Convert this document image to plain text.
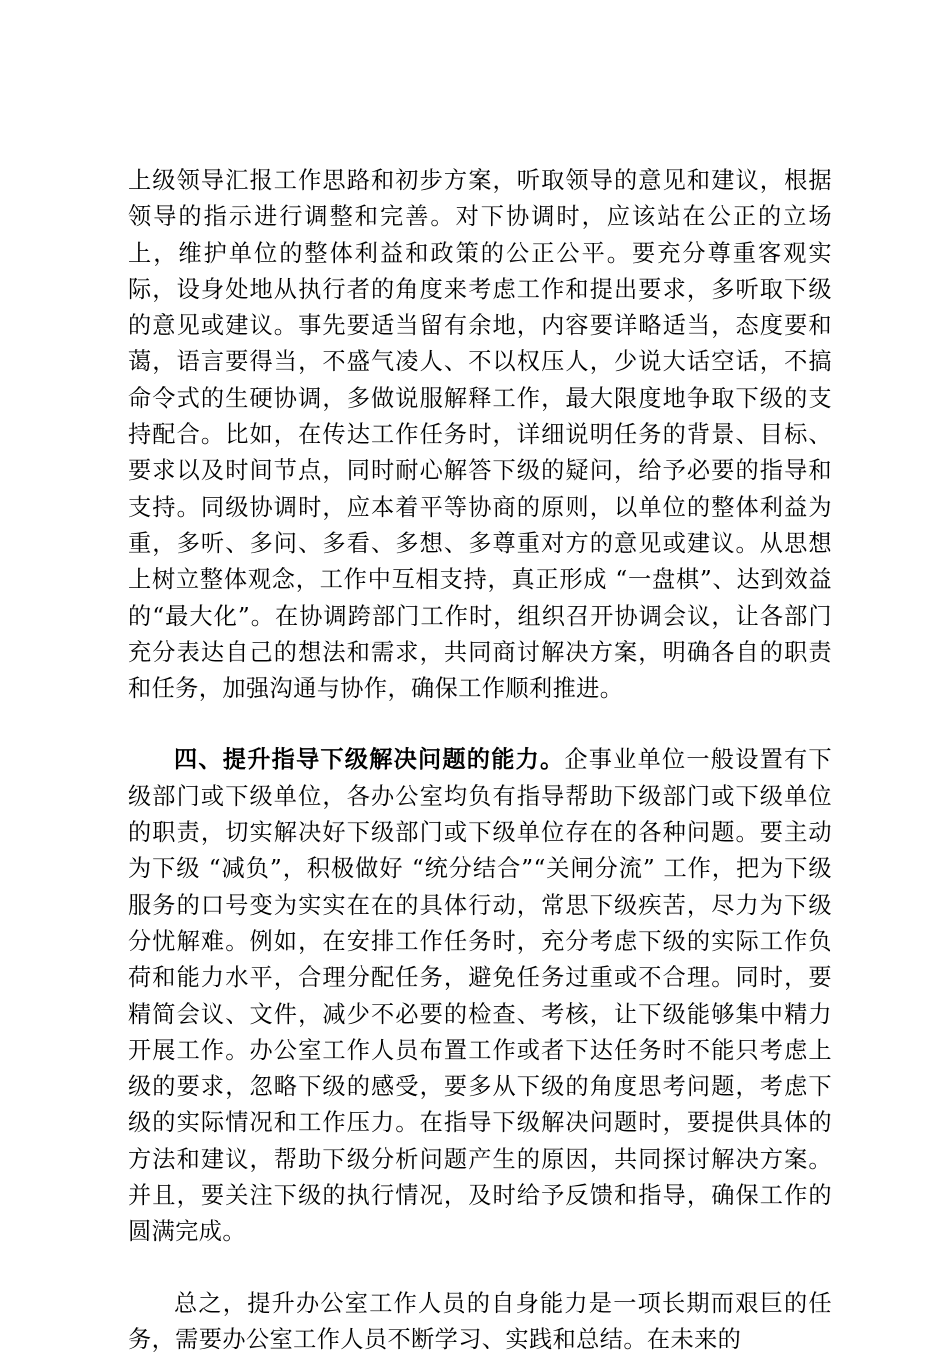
上级领导汇报工作思路和初步方案，听取领导的意见和建议，根据领导的指示进行调整和完善。对下协调时，应该站在公正的立场上，维护单位的整体利益和政策的公正公平。要充分尊重客观实际，设身处地从执行者的角度来考虑工作和提出要求，多听取下级的意见或建议。事先要适当留有余地，内容要详略适当，态度要和蔼，语言要得当，不盛气凌人、不以权压人，少说大话空话，不搞命令式的生硬协调，多做说服解释工作，最大限度地争取下级的支持配合。比如，在传达工作任务时，详细说明任务的背景、目标、要求以及时间节点，同时耐心解答下级的疑问，给予必要的指导和支持。同级协调时，应本着平等协商的原则，以单位的整体利益为重，多听、多问、多看、多想、多尊重对方的意见或建议。从思想上树立整体观念，工作中互相支持，真正形成 “一盘棋”、达到效益的“最大化”。在协调跨部门工作时，组织召开协调会议，让各部门充分表达自己的想法和需求，共同商讨解决方案，明确各自的职责和任务，加强沟通与协作，确保工作顺利推进。

四、提升指导下级解决问题的能力。企事业单位一般设置有下级部门或下级单位，各办公室均负有指导帮助下级部门或下级单位的职责，切实解决好下级部门或下级单位存在的各种问题。要主动为下级 “减负”，积极做好 “统分结合”“关闸分流” 工作，把为下级服务的口号变为实实在在的具体行动，常思下级疾苦，尽力为下级分忧解难。例如，在安排工作任务时，充分考虑下级的实际工作负荷和能力水平，合理分配任务，避免任务过重或不合理。同时，要精简会议、文件，减少不必要的检查、考核，让下级能够集中精力开展工作。办公室工作人员布置工作或者下达任务时不能只考虑上级的要求，忽略下级的感受，要多从下级的角度思考问题，考虑下级的实际情况和工作压力。在指导下级解决问题时，要提供具体的方法和建议，帮助下级分析问题产生的原因，共同探讨解决方案。并且，要关注下级的执行情况，及时给予反馈和指导，确保工作的圆满完成。

总之，提升办公室工作人员的自身能力是一项长期而艰巨的任务，需要办公室工作人员不断学习、实践和总结。在未来的
